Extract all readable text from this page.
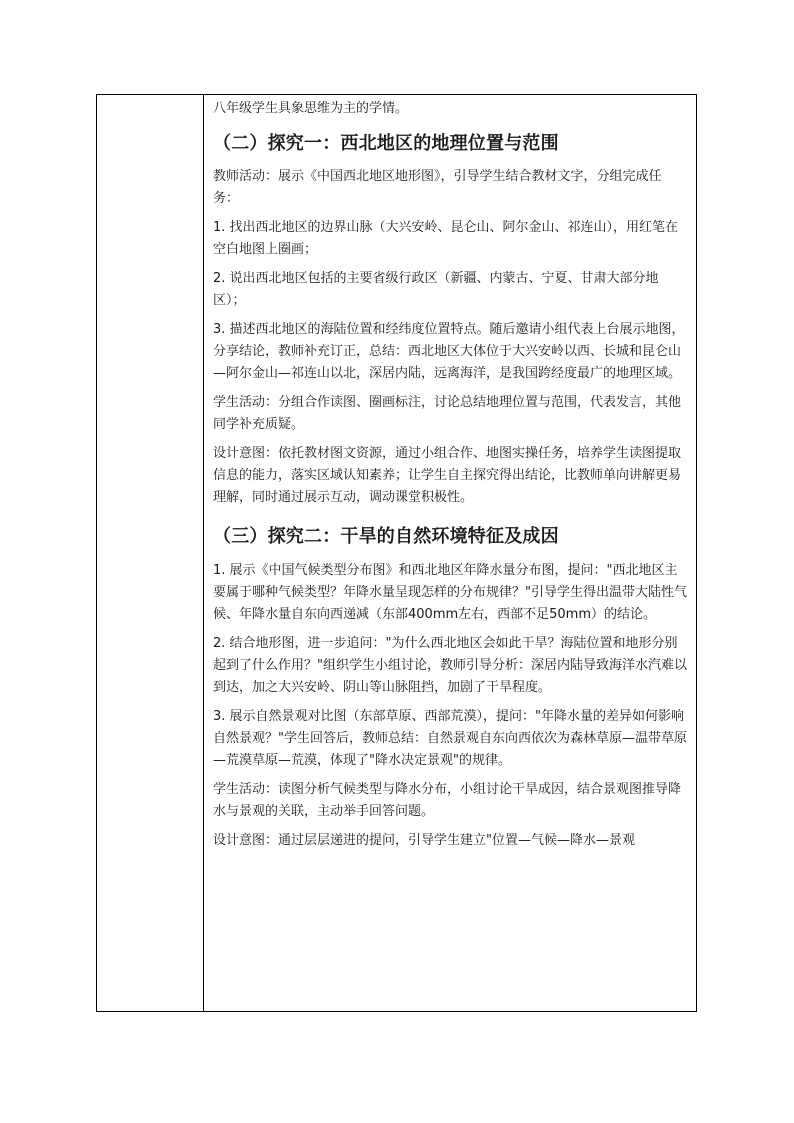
八年级学生具象思维为主的学情。

（二）探究一：西北地区的地理位置与范围

教师活动：展示《中国西北地区地形图》，引导学生结合教材文字，分组完成任务：

1. 找出西北地区的边界山脉（大兴安岭、昆仑山、阿尔金山、祁连山），用红笔在空白地图上圈画；

2. 说出西北地区包括的主要省级行政区（新疆、内蒙古、宁夏、甘肃大部分地区）；

3. 描述西北地区的海陆位置和经纬度位置特点。随后邀请小组代表上台展示地图，分享结论，教师补充订正，总结：西北地区大体位于大兴安岭以西、长城和昆仑山—阿尔金山—祁连山以北，深居内陆，远离海洋，是我国跨经度最广的地理区域。

学生活动：分组合作读图、圈画标注，讨论总结地理位置与范围，代表发言，其他同学补充质疑。

设计意图：依托教材图文资源，通过小组合作、地图实操任务，培养学生读图提取信息的能力，落实区域认知素养；让学生自主探究得出结论，比教师单向讲解更易理解，同时通过展示互动，调动课堂积极性。

（三）探究二：干旱的自然环境特征及成因

1. 展示《中国气候类型分布图》和西北地区年降水量分布图，提问："西北地区主要属于哪种气候类型？年降水量呈现怎样的分布规律？"引导学生得出温带大陆性气候、年降水量自东向西递减（东部400mm左右，西部不足50mm）的结论。

2. 结合地形图，进一步追问："为什么西北地区会如此干旱？海陆位置和地形分别起到了什么作用？"组织学生小组讨论，教师引导分析：深居内陆导致海洋水汽难以到达，加之大兴安岭、阴山等山脉阻挡，加剧了干旱程度。

3. 展示自然景观对比图（东部草原、西部荒漠），提问："年降水量的差异如何影响自然景观？"学生回答后，教师总结：自然景观自东向西依次为森林草原—温带草原—荒漠草原—荒漠，体现了"降水决定景观"的规律。

学生活动：读图分析气候类型与降水分布，小组讨论干旱成因，结合景观图推导降水与景观的关联，主动举手回答问题。

设计意图：通过层层递进的提问，引导学生建立"位置—气候—降水—景观
